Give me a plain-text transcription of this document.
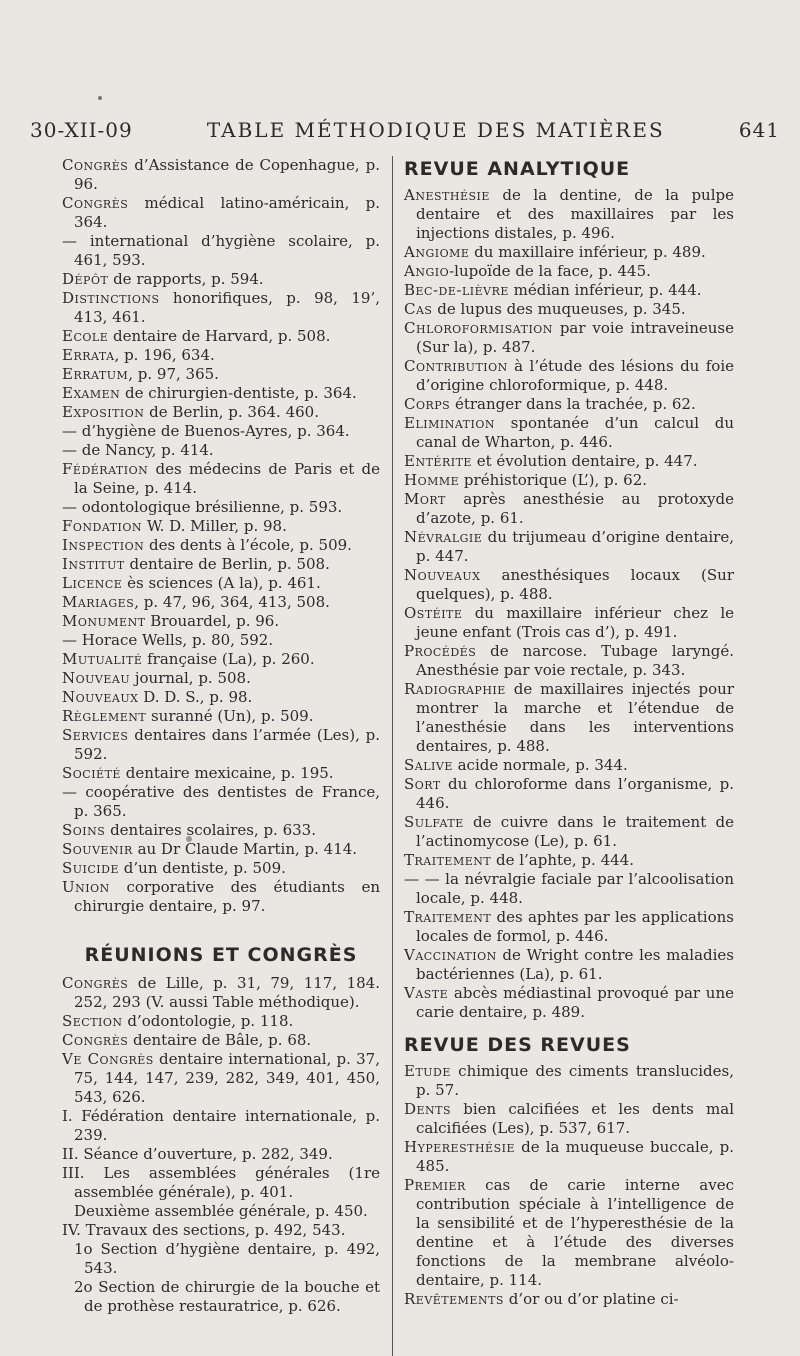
30-XII-09	TABLE MÉTHODIQUE DES MATIÈRES	641

Congrès d’Assistance de Copenhague, p. 96.

Congrès médical latino-américain, p. 364.

— international d’hygiène scolaire, p. 461, 593.

Dépôt de rapports, p. 594.

Distinctions honorifiques, p. 98, 19’, 413, 461.

Ecole dentaire de Harvard, p. 508.

Errata, p. 196, 634.

Erratum, p. 97, 365.

Examen de chirurgien-dentiste, p. 364.

Exposition de Berlin, p. 364. 460.

— d’hygiène de Buenos-Ayres, p. 364.

— de Nancy, p. 414.

Fédération des médecins de Paris et de la Seine, p. 414.

— odontologique brésilienne, p. 593.

Fondation W. D. Miller, p. 98.

Inspection des dents à l’école, p. 509.

Institut dentaire de Berlin, p. 508.

Licence ès sciences (A la), p. 461.

Mariages, p. 47, 96, 364, 413, 508.

Monument Brouardel, p. 96.

— Horace Wells, p. 80, 592.

Mutualité française (La), p. 260.

Nouveau journal, p. 508.

Nouveaux D. D. S., p. 98.

Règlement suranné (Un), p. 509.

Services dentaires dans l’armée (Les), p. 592.

Société dentaire mexicaine, p. 195.

— coopérative des dentistes de France, p. 365.

Soins dentaires scolaires, p. 633.

Souvenir au Dr Claude Martin, p. 414.

Suicide d’un dentiste, p. 509.

Union corporative des étudiants en chirurgie dentaire, p. 97.

RÉUNIONS ET CONGRÈS

Congrès de Lille, p. 31, 79, 117, 184. 252, 293 (V. aussi Table méthodique).

Section d’odontologie, p. 118.

Congrès dentaire de Bâle, p. 68.

Ve Congrès dentaire international, p. 37, 75, 144, 147, 239, 282, 349, 401, 450, 543, 626.

I. Fédération dentaire internationale, p. 239.

II. Séance d’ouverture, p. 282, 349.

III. Les assemblées générales (1re assemblée générale), p. 401.

Deuxième assemblée générale, p. 450.

IV. Travaux des sections, p. 492, 543.

1o Section d’hygiène dentaire, p. 492, 543.

2o Section de chirurgie de la bouche et de prothèse restauratrice, p. 626.

REVUE ANALYTIQUE

Anesthésie de la dentine, de la pulpe dentaire et des maxillaires par les injections distales, p. 496.

Angiome du maxillaire inférieur, p. 489.

Angio-lupoïde de la face, p. 445.

Bec-de-lièvre médian inférieur, p. 444.

Cas de lupus des muqueuses, p. 345.

Chloroformisation par voie intraveineuse (Sur la), p. 487.

Contribution à l’étude des lésions du foie d’origine chloroformique, p. 448.

Corps étranger dans la trachée, p. 62.

Elimination spontanée d’un calcul du canal de Wharton, p. 446.

Entérite et évolution dentaire, p. 447.

Homme préhistorique (L’), p. 62.

Mort après anesthésie au protoxyde d’azote, p. 61.

Névralgie du trijumeau d’origine dentaire, p. 447.

Nouveaux anesthésiques locaux (Sur quelques), p. 488.

Ostéite du maxillaire inférieur chez le jeune enfant (Trois cas d’), p. 491.

Procédés de narcose. Tubage laryngé. Anesthésie par voie rectale, p. 343.

Radiographie de maxillaires injectés pour montrer la marche et l’étendue de l’anesthésie dans les interventions dentaires, p. 488.

Salive acide normale, p. 344.

Sort du chloroforme dans l’organisme, p. 446.

Sulfate de cuivre dans le traitement de l’actinomycose (Le), p. 61.

Traitement de l’aphte, p. 444.

— — la névralgie faciale par l’alcoolisation locale, p. 448.

Traitement des aphtes par les applications locales de formol, p. 446.

Vaccination de Wright contre les maladies bactériennes (La), p. 61.

Vaste abcès médiastinal provoqué par une carie dentaire, p. 489.

REVUE DES REVUES

Etude chimique des ciments translucides, p. 57.

Dents bien calcifiées et les dents mal calcifiées (Les), p. 537, 617.

Hyperesthésie de la muqueuse buccale, p. 485.

Premier cas de carie interne avec contribution spéciale à l’intelligence de la sensibilité et de l’hyperesthésie de la dentine et à l’étude des diverses fonctions de la membrane alvéolo-dentaire, p. 114.

Revêtements d’or ou d’or platine ci-
